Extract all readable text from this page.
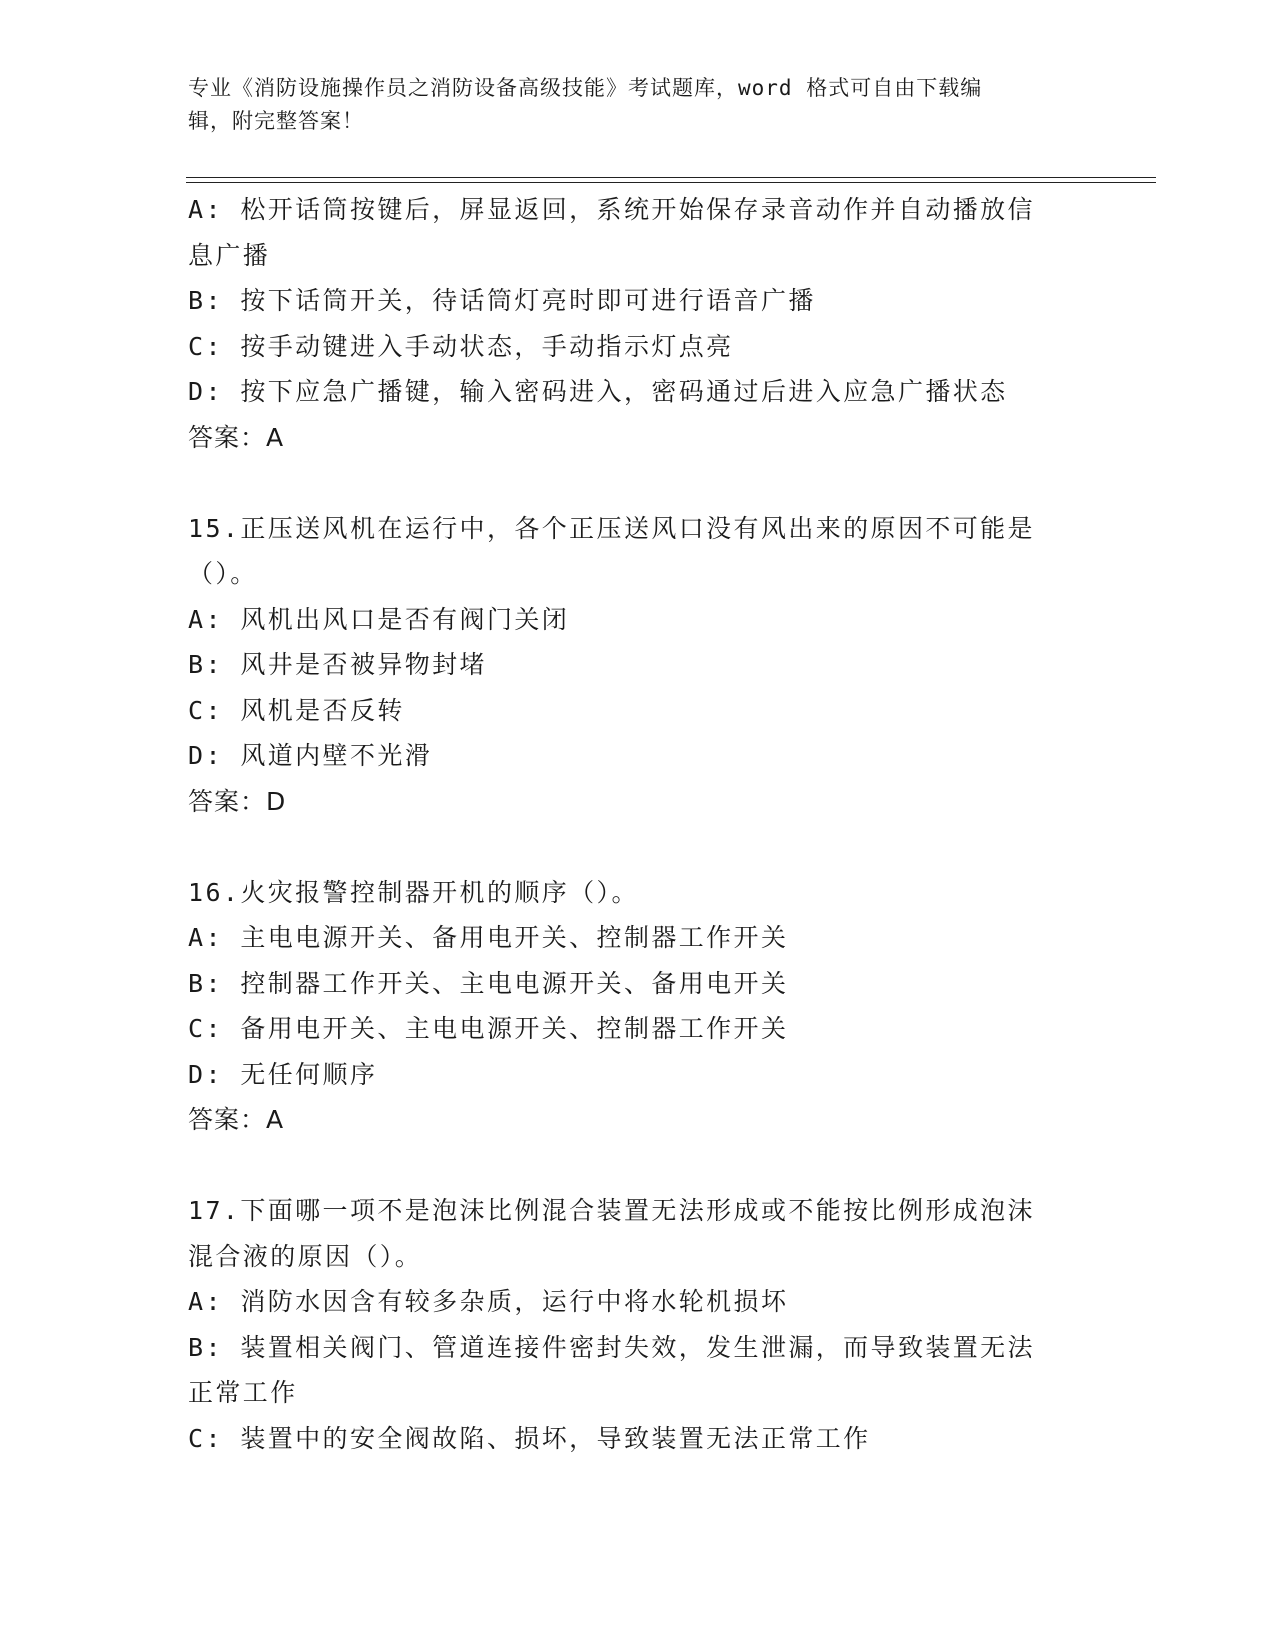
专业《消防设施操作员之消防设备高级技能》考试题库，word 格式可自由下载编
辑，附完整答案！
A: 松开话筒按键后，屏显返回，系统开始保存录音动作并自动播放信
息广播
B: 按下话筒开关，待话筒灯亮时即可进行语音广播
C: 按手动键进入手动状态，手动指示灯点亮
D: 按下应急广播键，输入密码进入，密码通过后进入应急广播状态
答案：A
15.正压送风机在运行中，各个正压送风口没有风出来的原因不可能是
（）。
A: 风机出风口是否有阀门关闭
B: 风井是否被异物封堵
C: 风机是否反转
D: 风道内壁不光滑
答案：D
16.火灾报警控制器开机的顺序（）。
A: 主电电源开关、备用电开关、控制器工作开关
B: 控制器工作开关、主电电源开关、备用电开关
C: 备用电开关、主电电源开关、控制器工作开关
D: 无任何顺序
答案：A
17.下面哪一项不是泡沫比例混合装置无法形成或不能按比例形成泡沫
混合液的原因（）。
A: 消防水因含有较多杂质，运行中将水轮机损坏
B: 装置相关阀门、管道连接件密封失效，发生泄漏，而导致装置无法
正常工作
C: 装置中的安全阀故陷、损坏，导致装置无法正常工作
